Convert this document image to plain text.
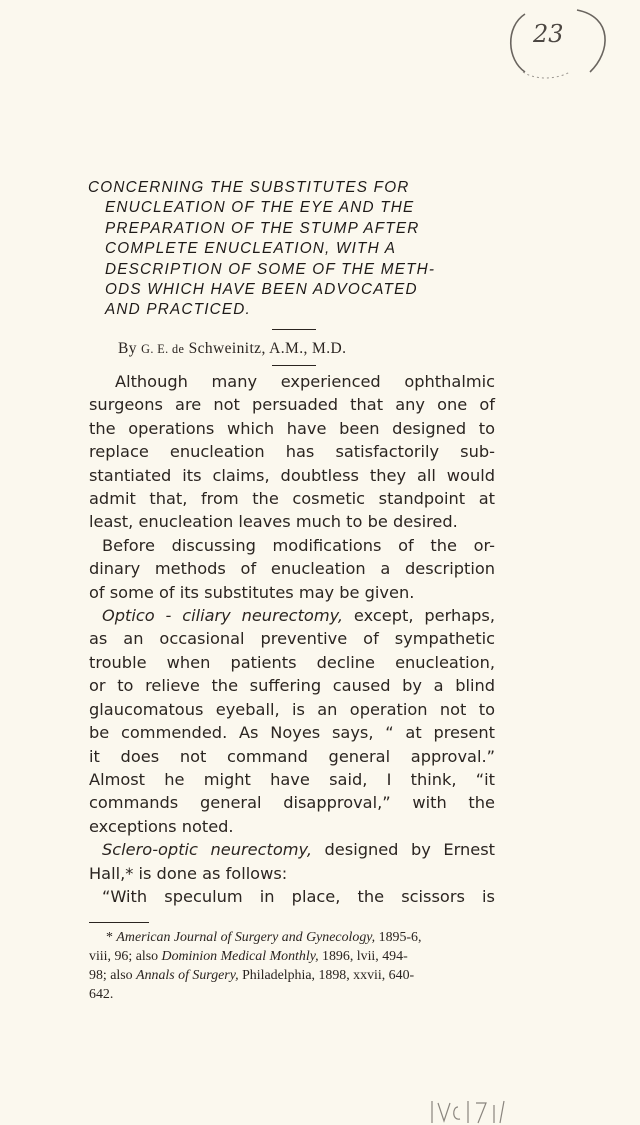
23
CONCERNING THE SUBSTITUTES FOR
ENUCLEATION OF THE EYE AND THE
PREPARATION OF THE STUMP AFTER
COMPLETE ENUCLEATION, WITH A
DESCRIPTION OF SOME OF THE METH-
ODS WHICH HAVE BEEN ADVOCATED
AND PRACTICED.
By G. E. de Schweinitz, A.M., M.D.

Although many experienced ophthalmic
surgeons are not persuaded that any one of
the operations which have been designed to
replace enucleation has satisfactorily sub-
stantiated its claims, doubtless they all would
admit that, from the cosmetic standpoint at
least, enucleation leaves much to be desired.

Before discussing modifications of the or-
dinary methods of enucleation a description
of some of its substitutes may be given.

Optico - ciliary neurectomy, except, perhaps,
as an occasional preventive of sympathetic
trouble when patients decline enucleation,
or to relieve the suffering caused by a blind
glaucomatous eyeball, is an operation not to
be commended. As Noyes says, “ at present
it does not command general approval.”
Almost he might have said, I think, “it
commands general disapproval,” with the
exceptions noted.

Sclero-optic neurectomy, designed by Ernest
Hall,* is done as follows:

“With speculum in place, the scissors is

* American Journal of Surgery and Gynecology, 1895-6,
viii, 96; also Dominion Medical Monthly, 1896, lvii, 494-
98; also Annals of Surgery, Philadelphia, 1898, xxvii, 640-
642.
